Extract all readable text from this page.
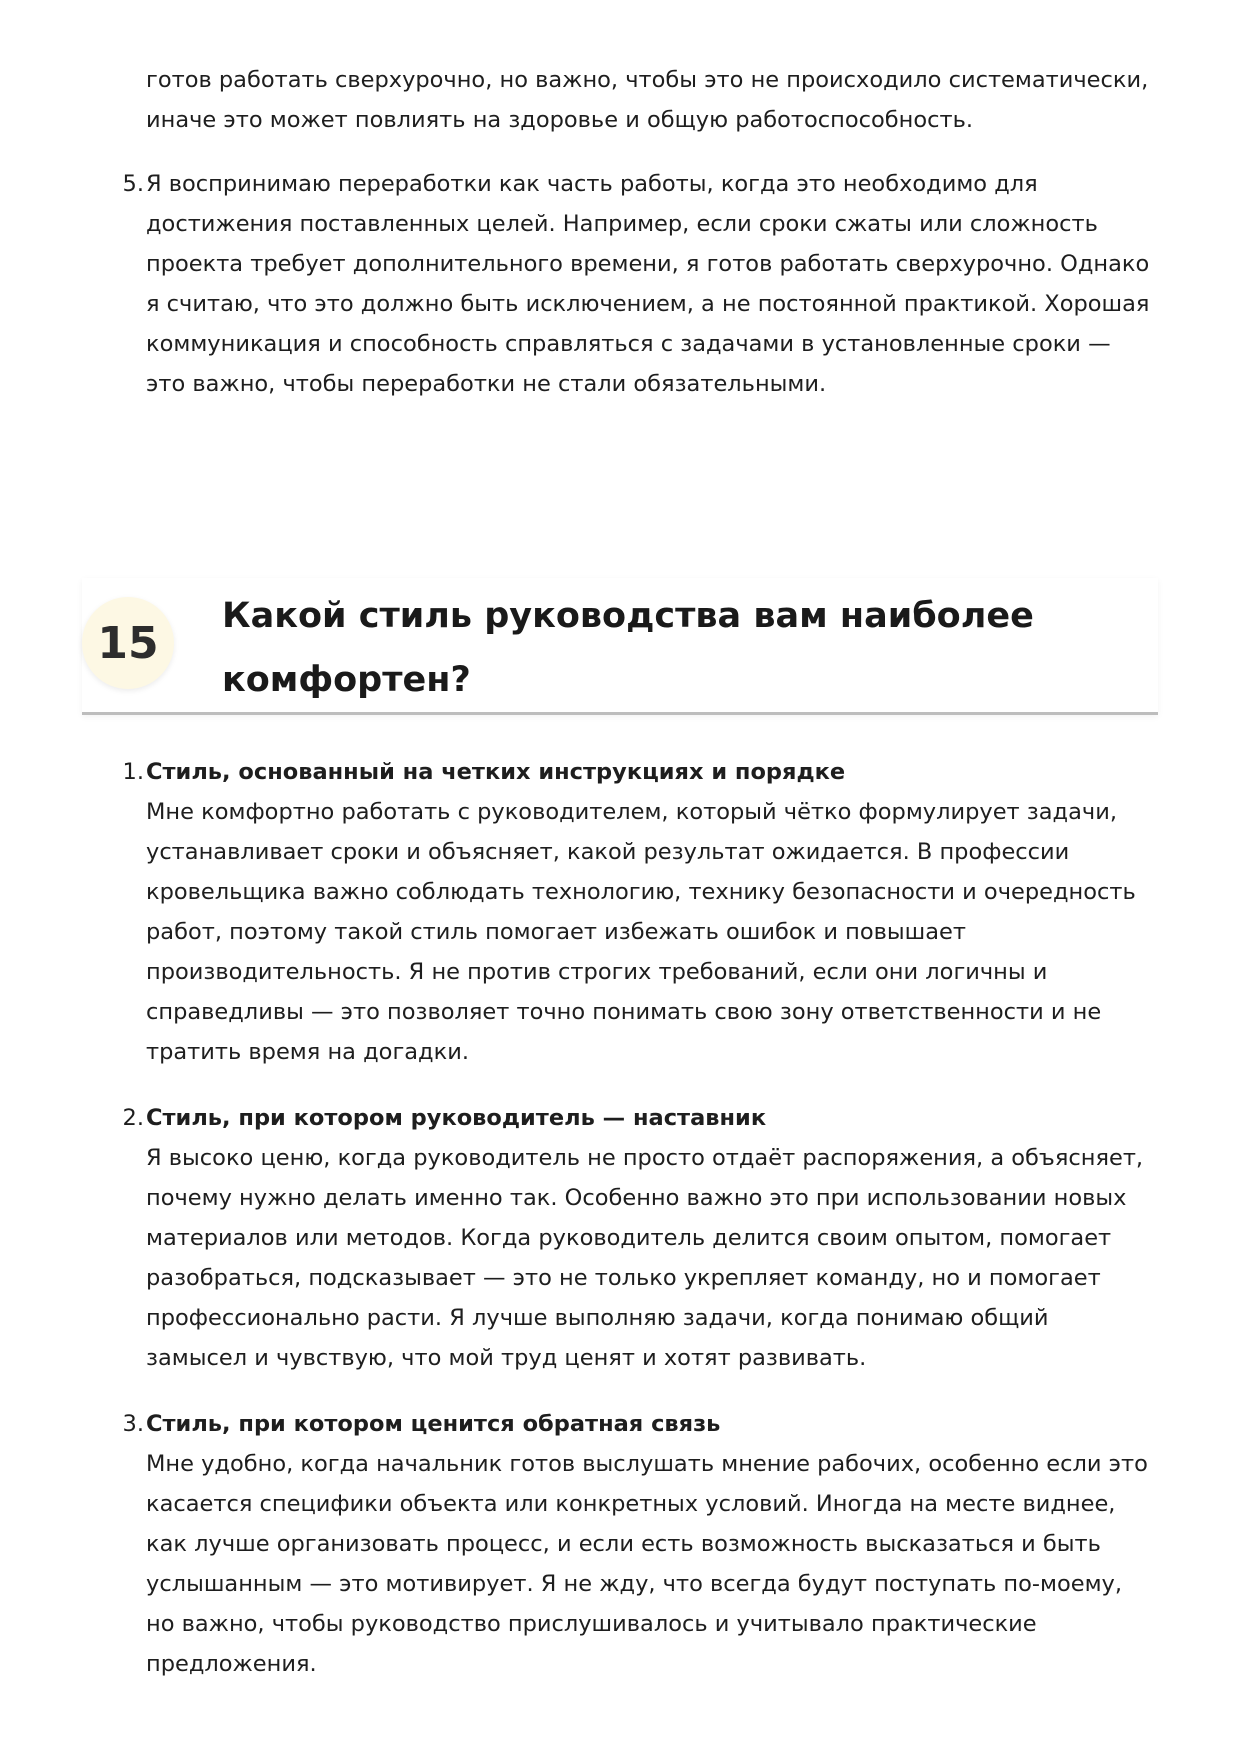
готов работать сверхурочно, но важно, чтобы это не происходило систематически, иначе это может повлиять на здоровье и общую работоспособность.

5. Я воспринимаю переработки как часть работы, когда это необходимо для достижения поставленных целей. Например, если сроки сжаты или сложность проекта требует дополнительного времени, я готов работать сверхурочно. Однако я считаю, что это должно быть исключением, а не постоянной практикой. Хорошая коммуникация и способность справляться с задачами в установленные сроки — это важно, чтобы переработки не стали обязательными.

15
Какой стиль руководства вам наиболее комфортен?
1. Стиль, основанный на четких инструкциях и порядке
Мне комфортно работать с руководителем, который чётко формулирует задачи, устанавливает сроки и объясняет, какой результат ожидается. В профессии кровельщика важно соблюдать технологию, технику безопасности и очередность работ, поэтому такой стиль помогает избежать ошибок и повышает производительность. Я не против строгих требований, если они логичны и справедливы — это позволяет точно понимать свою зону ответственности и не тратить время на догадки.
2. Стиль, при котором руководитель — наставник
Я высоко ценю, когда руководитель не просто отдаёт распоряжения, а объясняет, почему нужно делать именно так. Особенно важно это при использовании новых материалов или методов. Когда руководитель делится своим опытом, помогает разобраться, подсказывает — это не только укрепляет команду, но и помогает профессионально расти. Я лучше выполняю задачи, когда понимаю общий замысел и чувствую, что мой труд ценят и хотят развивать.
3. Стиль, при котором ценится обратная связь
Мне удобно, когда начальник готов выслушать мнение рабочих, особенно если это касается специфики объекта или конкретных условий. Иногда на месте виднее, как лучше организовать процесс, и если есть возможность высказаться и быть услышанным — это мотивирует. Я не жду, что всегда будут поступать по-моему, но важно, чтобы руководство прислушивалось и учитывало практические предложения.
